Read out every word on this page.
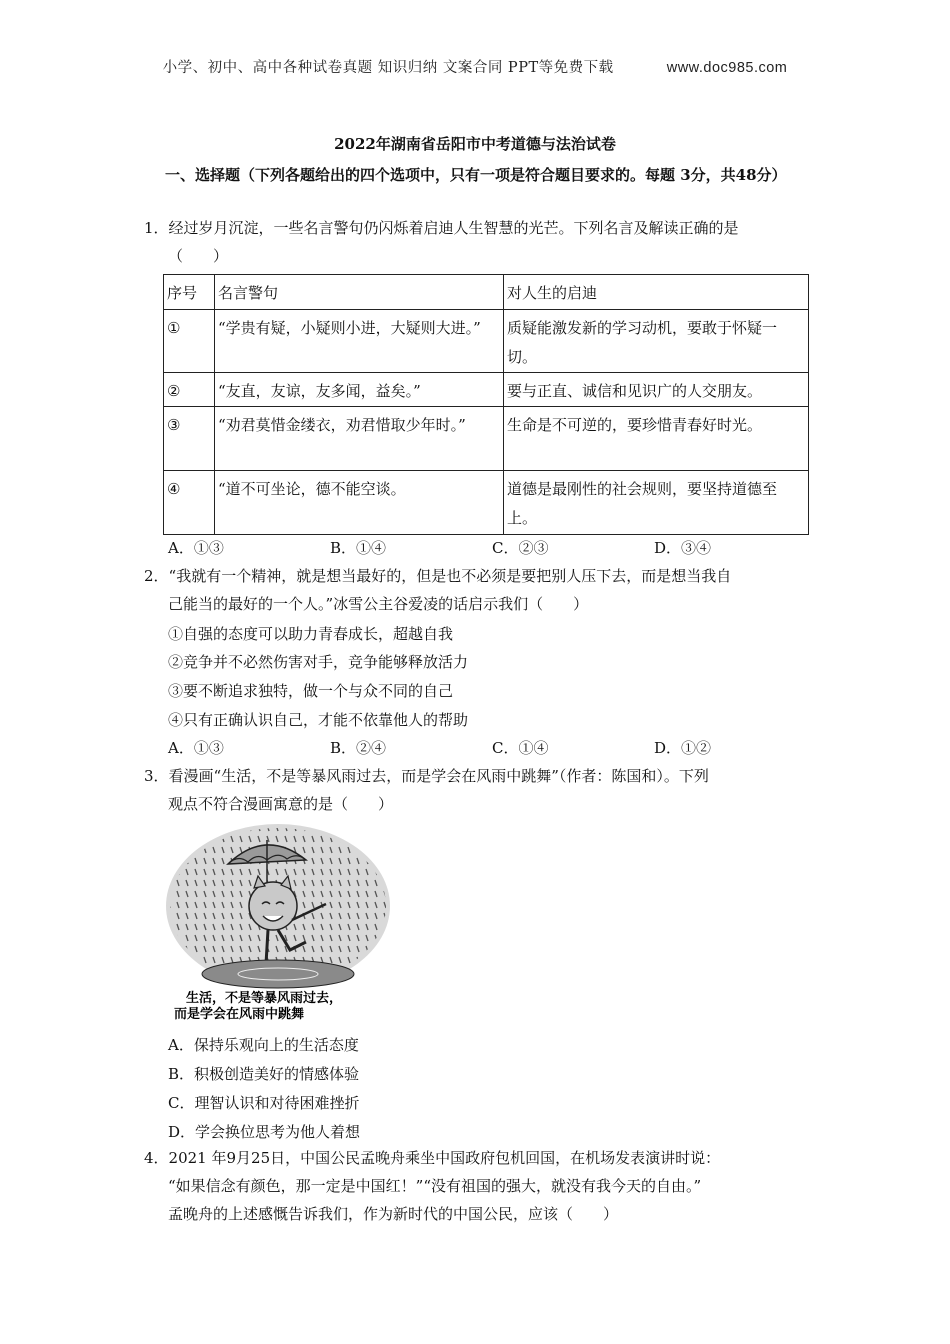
小学、初中、高中各种试卷真题 知识归纳 文案合同 PPT等免费下载	www.doc985.com
2022年湖南省岳阳市中考道德与法治试卷
一、选择题（下列各题给出的四个选项中，只有一项是符合题目要求的。每题 3分，共48分）
1．经过岁月沉淀，一些名言警句仍闪烁着启迪人生智慧的光芒。下列名言及解读正确的是
（　　）
序号	名言警句	对人生的启迪
①	“学贵有疑，小疑则小进，大疑则大进。”	质疑能激发新的学习动机，要敢于怀疑一切。
②	“友直，友谅，友多闻，益矣。”	要与正直、诚信和见识广的人交朋友。
③	“劝君莫惜金缕衣，劝君惜取少年时。”	生命是不可逆的，要珍惜青春好时光。
④	“道不可坐论，德不能空谈。	道德是最刚性的社会规则，要坚持道德至上。
A．①③	B．①④	C．②③	D．③④
2．“我就有一个精神，就是想当最好的，但是也不必须是要把别人压下去，而是想当我自
己能当的最好的一个人。”冰雪公主谷爱凌的话启示我们（　　）
①自强的态度可以助力青春成长，超越自我
②竞争并不必然伤害对手，竞争能够释放活力
③要不断追求独特，做一个与众不同的自己
④只有正确认识自己，才能不依靠他人的帮助
A．①③	B．②④	C．①④	D．①②
3．看漫画“生活，不是等暴风雨过去，而是学会在风雨中跳舞”（作者：陈国和）。下列
观点不符合漫画寓意的是（　　）
生活，不是等暴风雨过去，
而是学会在风雨中跳舞
A．保持乐观向上的生活态度
B．积极创造美好的情感体验
C．理智认识和对待困难挫折
D．学会换位思考为他人着想
4．2021 年9月25日，中国公民孟晚舟乘坐中国政府包机回国，在机场发表演讲时说：
“如果信念有颜色，那一定是中国红！”“没有祖国的强大，就没有我今天的自由。”
孟晚舟的上述感慨告诉我们，作为新时代的中国公民，应该（　　）
